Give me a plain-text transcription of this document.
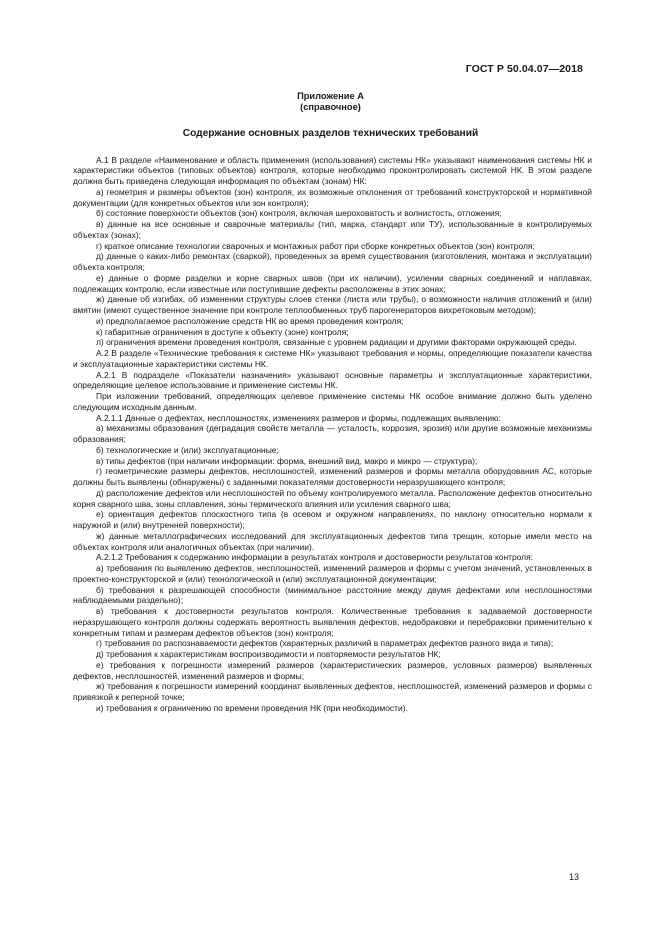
ГОСТ Р 50.04.07—2018
Приложение А
(справочное)
Содержание основных разделов технических требований

А.1 В разделе «Наименование и область применения (использования) системы НК» указывают наименования системы НК и характеристики объектов (типовых объектов) контроля, которые необходимо проконтролировать системой НК. В этом разделе должна быть приведена следующая информация по объектам (зонам) НК:

а) геометрия и размеры объектов (зон) контроля, их возможные отклонения от требований конструкторской и нормативной документации (для конкретных объектов или зон контроля);

б) состояние поверхности объектов (зон) контроля, включая шероховатость и волнистость, отложения;

в) данные на все основные и сварочные материалы (тип, марка, стандарт или ТУ), использованные в контролируемых объектах (зонах);

г) краткое описание технологии сварочных и монтажных работ при сборке конкретных объектов (зон) контроля;

д) данные о каких-либо ремонтах (сваркой), проведенных за время существования (изготовления, монтажа и эксплуатации) объекта контроля;

е) данные о форме разделки и корне сварных швов (при их наличии), усилении сварных соединений и наплавках, подлежащих контролю, если известные или поступившие дефекты расположены в этих зонах;

ж) данные об изгибах, об изменении структуры слоев стенки (листа или трубы), о возможности наличия отложений и (или) вмятин (имеют существенное значение при контроле теплообменных труб парогенераторов вихретоковым методом);

и) предполагаемое расположение средств НК во время проведения контроля;

к) габаритные ограничения в доступе к объекту (зоне) контроля;

л) ограничения времени проведения контроля, связанные с уровнем радиации и другими факторами окружающей среды.

А.2 В разделе «Технические требования к системе НК» указывают требования и нормы, определяющие показатели качества и эксплуатационные характеристики системы НК.

А.2.1 В подразделе «Показатели назначения» указывают основные параметры и эксплуатационные характеристики, определяющие целевое использование и применение системы НК.

При изложении требований, определяющих целевое применение системы НК особое внимание должно быть уделено следующим исходным данным.

А.2.1.1 Данные о дефектах, несплошностях, изменениях размеров и формы, подлежащих выявлению:

а) механизмы образования (деградация свойств металла — усталость, коррозия, эрозия) или другие возможные механизмы образования;

б) технологические и (или) эксплуатационные;

в) типы дефектов (при наличии информации: форма, внешний вид, макро и микро — структура);

г) геометрические размеры дефектов, несплошностей, изменений размеров и формы металла оборудования АС, которые должны быть выявлены (обнаружены) с заданными показателями достоверности неразрушающего контроля;

д) расположение дефектов или несплошностей по объему контролируемого металла. Расположение дефектов относительно корня сварного шва, зоны сплавления, зоны термического влияния или усиления сварного шва;

е) ориентация дефектов плоскостного типа (в осевом и окружном направлениях, по наклону относительно нормали к наружной и (или) внутренней поверхности);

ж) данные металлографических исследований для эксплуатационных дефектов типа трещин, которые имели место на объектах контроля или аналогичных объектах (при наличии).

А.2.1.2 Требования к содержанию информации в результатах контроля и достоверности результатов контроля:

а) требования по выявлению дефектов, несплошностей, изменений размеров и формы с учетом значений, установленных в проектно-конструкторской и (или) технологической и (или) эксплуатационной документации;

б) требования к разрешающей способности (минимальное расстояние между двумя дефектами или несплошностями наблюдаемыми раздельно);

в) требования к достоверности результатов контроля. Количественные требования к задаваемой достоверности неразрушающего контроля должны содержать вероятность выявления дефектов, недобраковки и перебраковки применительно к конкретным типам и размерам дефектов объектов (зон) контроля;

г) требования по распознаваемости дефектов (характерных различий в параметрах дефектов разного вида и типа);

д) требования к характеристикам воспроизводимости и повторяемости результатов НК;

е) требования к погрешности измерений размеров (характеристических размеров, условных размеров) выявленных дефектов, несплошностей, изменений размеров и формы;

ж) требования к погрешности измерений координат выявленных дефектов, несплошностей, изменений размеров и формы с привязкой к реперной точке;

и) требования к ограничению по времени проведения НК (при необходимости).

13
